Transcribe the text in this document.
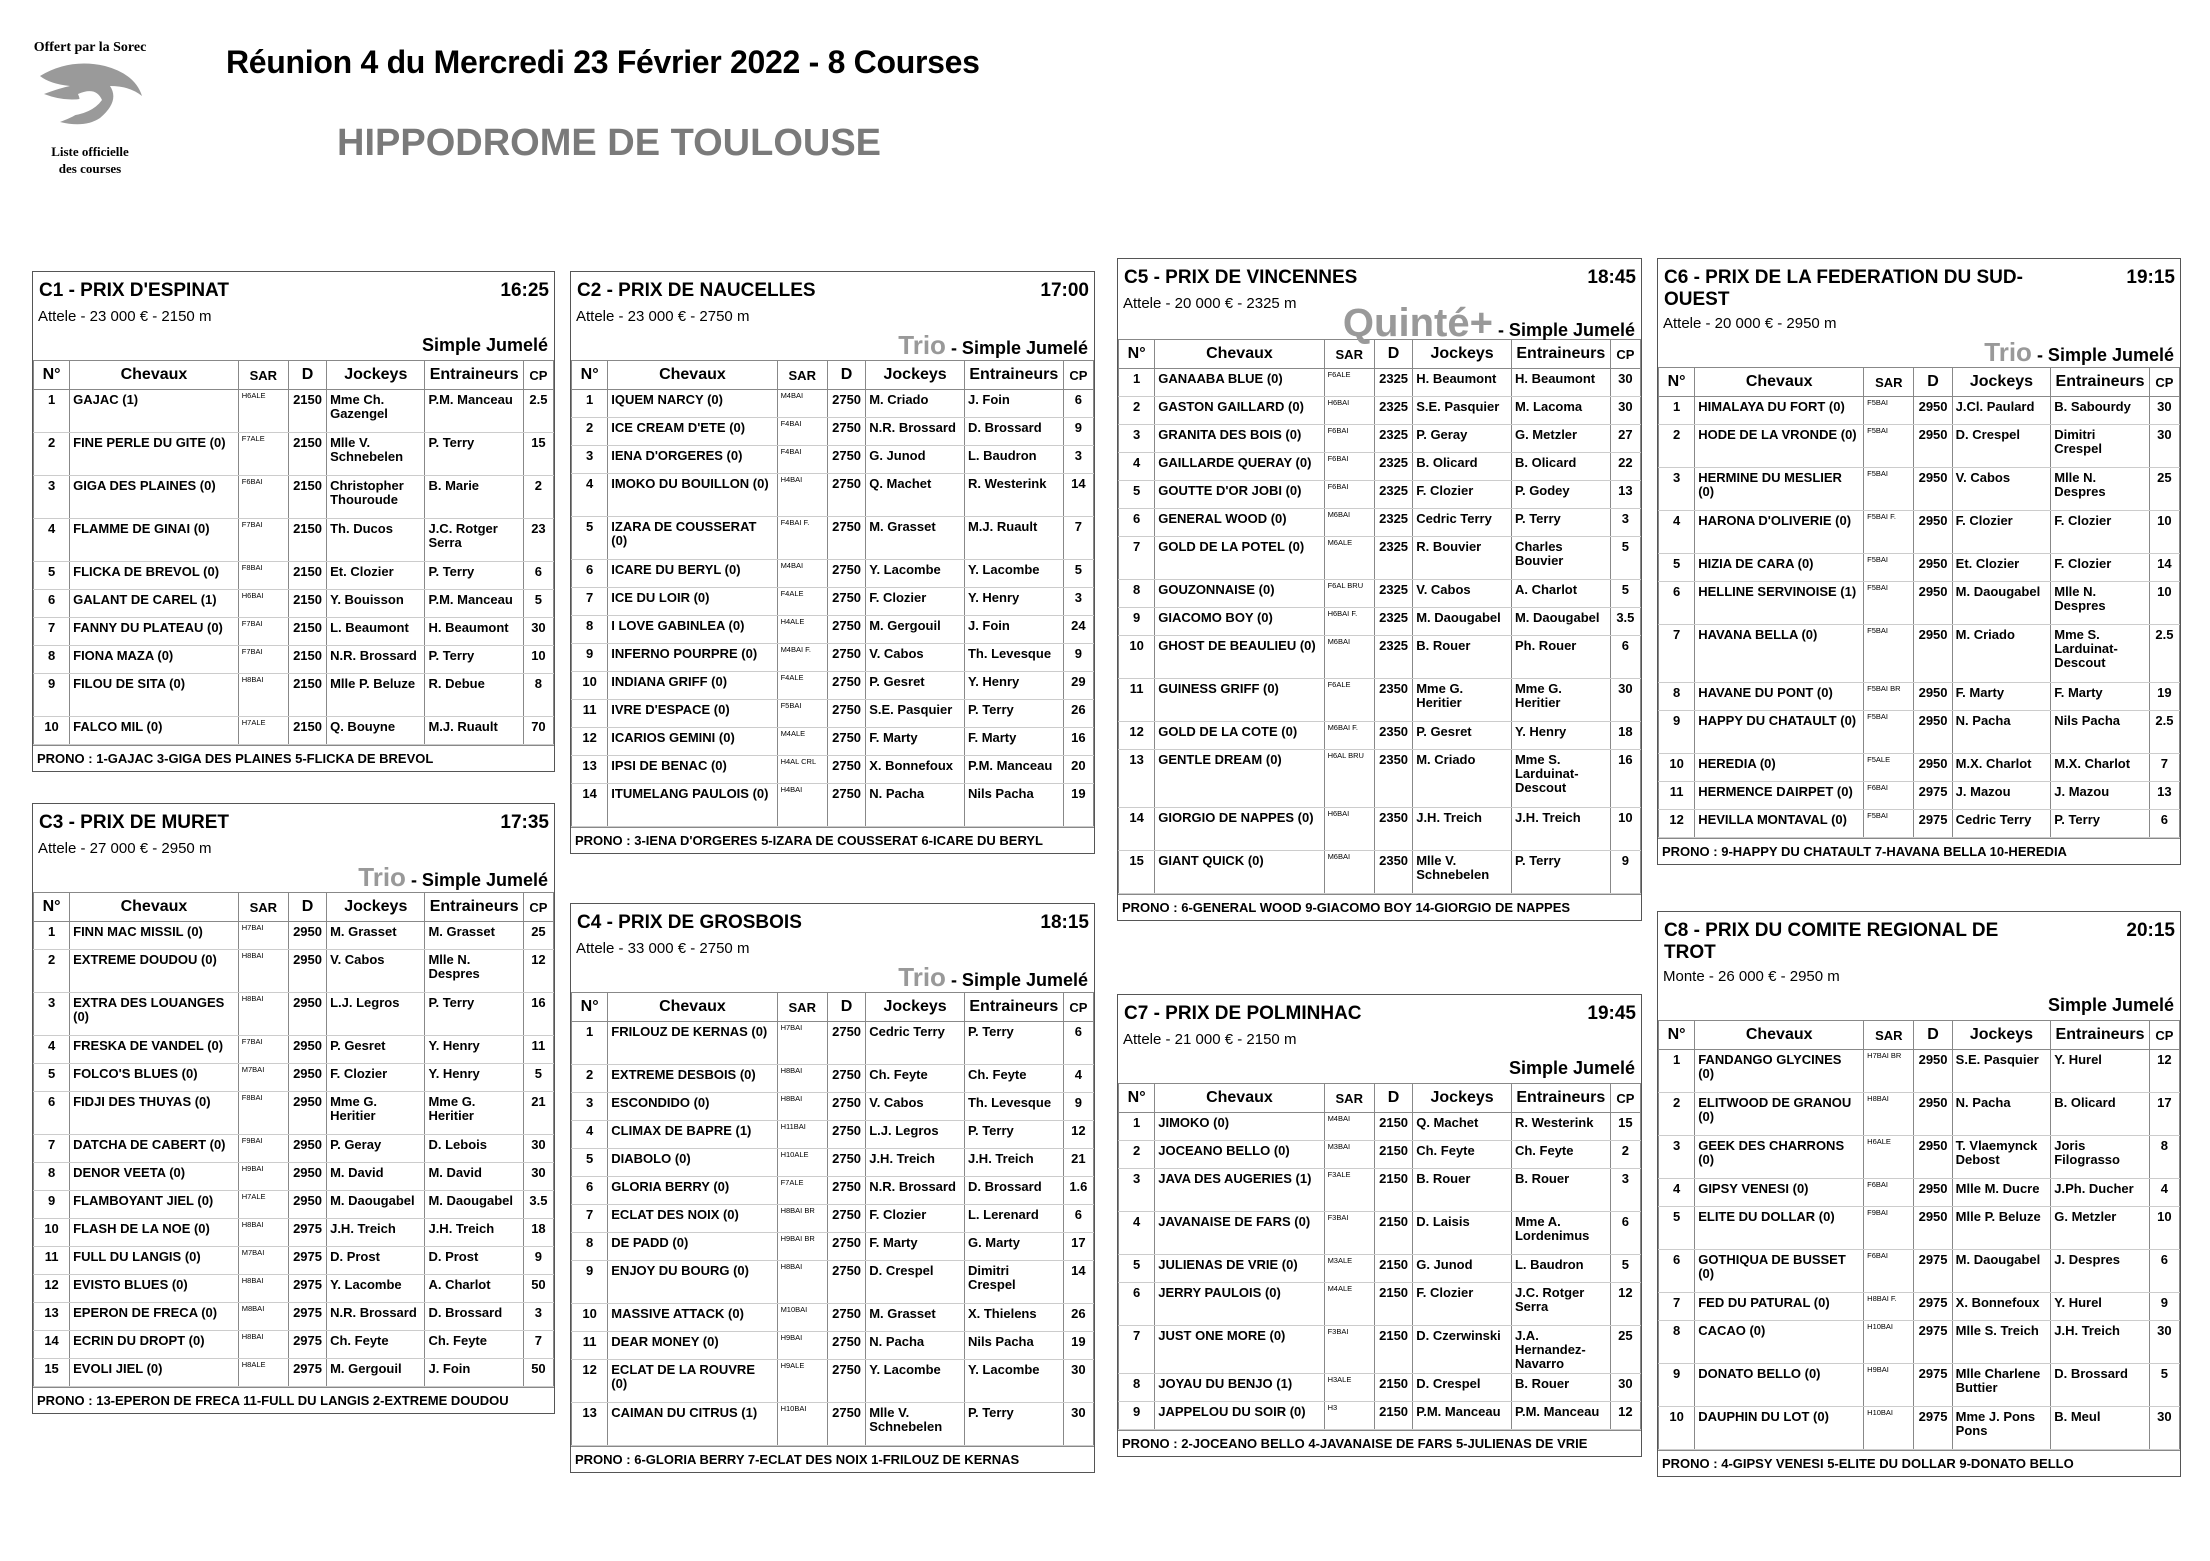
Offert par la Sorec
Liste officielle
des courses
Réunion 4 du Mercredi 23 Février 2022 - 8 Courses
HIPPODROME DE TOULOUSE
C1 - PRIX D'ESPINAT	16:25
Attele - 23 000 € - 2150 m
Simple Jumelé
N°	Chevaux	SAR	D	Jockeys	Entraineurs	CP
1	GAJAC (1)	H6ALE	2150	Mme Ch. Gazengel	P.M. Manceau	2.5
2	FINE PERLE DU GITE (0)	F7ALE	2150	Mlle V. Schnebelen	P. Terry	15
3	GIGA DES PLAINES (0)	F6BAI	2150	Christopher Thouroude	B. Marie	2
4	FLAMME DE GINAI (0)	F7BAI	2150	Th. Ducos	J.C. Rotger Serra	23
5	FLICKA DE BREVOL (0)	F8BAI	2150	Et. Clozier	P. Terry	6
6	GALANT DE CAREL (1)	H6BAI	2150	Y. Bouisson	P.M. Manceau	5
7	FANNY DU PLATEAU (0)	F7BAI	2150	L. Beaumont	H. Beaumont	30
8	FIONA MAZA (0)	F7BAI	2150	N.R. Brossard	P. Terry	10
9	FILOU DE SITA (0)	H8BAI	2150	Mlle P. Beluze	R. Debue	8
10	FALCO MIL (0)	H7ALE	2150	Q. Bouyne	M.J. Ruault	70
PRONO : 1-GAJAC 3-GIGA DES PLAINES 5-FLICKA DE BREVOL
C2 - PRIX DE NAUCELLES	17:00
Attele - 23 000 € - 2750 m
Trio - Simple Jumelé
N°	Chevaux	SAR	D	Jockeys	Entraineurs	CP
1	IQUEM NARCY (0)	M4BAI	2750	M. Criado	J. Foin	6
2	ICE CREAM D'ETE (0)	F4BAI	2750	N.R. Brossard	D. Brossard	9
3	IENA D'ORGERES (0)	F4BAI	2750	G. Junod	L. Baudron	3
4	IMOKO DU BOUILLON (0)	H4BAI	2750	Q. Machet	R. Westerink	14
5	IZARA DE COUSSERAT (0)	F4BAI F.	2750	M. Grasset	M.J. Ruault	7
6	ICARE DU BERYL (0)	M4BAI	2750	Y. Lacombe	Y. Lacombe	5
7	ICE DU LOIR (0)	F4ALE	2750	F. Clozier	Y. Henry	3
8	I LOVE GABINLEA (0)	H4ALE	2750	M. Gergouil	J. Foin	24
9	INFERNO POURPRE (0)	M4BAI F.	2750	V. Cabos	Th. Levesque	9
10	INDIANA GRIFF (0)	F4ALE	2750	P. Gesret	Y. Henry	29
11	IVRE D'ESPACE (0)	F5BAI	2750	S.E. Pasquier	P. Terry	26
12	ICARIOS GEMINI (0)	M4ALE	2750	F. Marty	F. Marty	16
13	IPSI DE BENAC (0)	H4AL CRL	2750	X. Bonnefoux	P.M. Manceau	20
14	ITUMELANG PAULOIS (0)	H4BAI	2750	N. Pacha	Nils Pacha	19
PRONO : 3-IENA D'ORGERES 5-IZARA DE COUSSERAT 6-ICARE DU BERYL
C3 - PRIX DE MURET	17:35
Attele - 27 000 € - 2950 m
Trio - Simple Jumelé
N°	Chevaux	SAR	D	Jockeys	Entraineurs	CP
1	FINN MAC MISSIL (0)	H7BAI	2950	M. Grasset	M. Grasset	25
2	EXTREME DOUDOU (0)	H8BAI	2950	V. Cabos	Mlle N. Despres	12
3	EXTRA DES LOUANGES (0)	H8BAI	2950	L.J. Legros	P. Terry	16
4	FRESKA DE VANDEL (0)	F7BAI	2950	P. Gesret	Y. Henry	11
5	FOLCO'S BLUES (0)	M7BAI	2950	F. Clozier	Y. Henry	5
6	FIDJI DES THUYAS (0)	F8BAI	2950	Mme G. Heritier	Mme G. Heritier	21
7	DATCHA DE CABERT (0)	F9BAI	2950	P. Geray	D. Lebois	30
8	DENOR VEETA (0)	H9BAI	2950	M. David	M. David	30
9	FLAMBOYANT JIEL (0)	H7ALE	2950	M. Daougabel	M. Daougabel	3.5
10	FLASH DE LA NOE (0)	H8BAI	2975	J.H. Treich	J.H. Treich	18
11	FULL DU LANGIS (0)	M7BAI	2975	D. Prost	D. Prost	9
12	EVISTO BLUES (0)	H8BAI	2975	Y. Lacombe	A. Charlot	50
13	EPERON DE FRECA (0)	M8BAI	2975	N.R. Brossard	D. Brossard	3
14	ECRIN DU DROPT (0)	H8BAI	2975	Ch. Feyte	Ch. Feyte	7
15	EVOLI JIEL (0)	H8ALE	2975	M. Gergouil	J. Foin	50
PRONO : 13-EPERON DE FRECA 11-FULL DU LANGIS 2-EXTREME DOUDOU
C4 - PRIX DE GROSBOIS	18:15
Attele - 33 000 € - 2750 m
Trio - Simple Jumelé
N°	Chevaux	SAR	D	Jockeys	Entraineurs	CP
1	FRILOUZ DE KERNAS (0)	H7BAI	2750	Cedric Terry	P. Terry	6
2	EXTREME DESBOIS (0)	H8BAI	2750	Ch. Feyte	Ch. Feyte	4
3	ESCONDIDO (0)	H8BAI	2750	V. Cabos	Th. Levesque	9
4	CLIMAX DE BAPRE (1)	H11BAI	2750	L.J. Legros	P. Terry	12
5	DIABOLO (0)	H10ALE	2750	J.H. Treich	J.H. Treich	21
6	GLORIA BERRY (0)	F7ALE	2750	N.R. Brossard	D. Brossard	1.6
7	ECLAT DES NOIX (0)	H8BAI BR	2750	F. Clozier	L. Lerenard	6
8	DE PADD (0)	H9BAI BR	2750	F. Marty	G. Marty	17
9	ENJOY DU BOURG (0)	H8BAI	2750	D. Crespel	Dimitri Crespel	14
10	MASSIVE ATTACK (0)	M10BAI	2750	M. Grasset	X. Thielens	26
11	DEAR MONEY (0)	H9BAI	2750	N. Pacha	Nils Pacha	19
12	ECLAT DE LA ROUVRE (0)	H9ALE	2750	Y. Lacombe	Y. Lacombe	30
13	CAIMAN DU CITRUS (1)	H10BAI	2750	Mlle V. Schnebelen	P. Terry	30
PRONO : 6-GLORIA BERRY 7-ECLAT DES NOIX 1-FRILOUZ DE KERNAS
C5 - PRIX DE VINCENNES	18:45
Attele - 20 000 € - 2325 m	Quinté+ - Simple Jumelé
N°	Chevaux	SAR	D	Jockeys	Entraineurs	CP
1	GANAABA BLUE (0)	F6ALE	2325	H. Beaumont	H. Beaumont	30
2	GASTON GAILLARD (0)	H6BAI	2325	S.E. Pasquier	M. Lacoma	30
3	GRANITA DES BOIS (0)	F6BAI	2325	P. Geray	G. Metzler	27
4	GAILLARDE QUERAY (0)	F6BAI	2325	B. Olicard	B. Olicard	22
5	GOUTTE D'OR JOBI (0)	F6BAI	2325	F. Clozier	P. Godey	13
6	GENERAL WOOD (0)	M6BAI	2325	Cedric Terry	P. Terry	3
7	GOLD DE LA POTEL (0)	M6ALE	2325	R. Bouvier	Charles Bouvier	5
8	GOUZONNAISE (0)	F6AL BRU	2325	V. Cabos	A. Charlot	5
9	GIACOMO BOY (0)	H6BAI F.	2325	M. Daougabel	M. Daougabel	3.5
10	GHOST DE BEAULIEU (0)	M6BAI	2325	B. Rouer	Ph. Rouer	6
11	GUINESS GRIFF (0)	F6ALE	2350	Mme G. Heritier	Mme G. Heritier	30
12	GOLD DE LA COTE (0)	M6BAI F.	2350	P. Gesret	Y. Henry	18
13	GENTLE DREAM (0)	H6AL BRU	2350	M. Criado	Mme S. Larduinat-Descout	16
14	GIORGIO DE NAPPES (0)	H6BAI	2350	J.H. Treich	J.H. Treich	10
15	GIANT QUICK (0)	M6BAI	2350	Mlle V. Schnebelen	P. Terry	9
PRONO : 6-GENERAL WOOD 9-GIACOMO BOY 14-GIORGIO DE NAPPES
C6 - PRIX DE LA FEDERATION DU SUD-OUEST
19:15
Attele - 20 000 € - 2950 m
Trio - Simple Jumelé
N°	Chevaux	SAR	D	Jockeys	Entraineurs	CP
1	HIMALAYA DU FORT (0)	F5BAI	2950	J.Cl. Paulard	B. Sabourdy	30
2	HODE DE LA VRONDE (0)	F5BAI	2950	D. Crespel	Dimitri Crespel	30
3	HERMINE DU MESLIER (0)	F5BAI	2950	V. Cabos	Mlle N. Despres	25
4	HARONA D'OLIVERIE (0)	F5BAI F.	2950	F. Clozier	F. Clozier	10
5	HIZIA DE CARA (0)	F5BAI	2950	Et. Clozier	F. Clozier	14
6	HELLINE SERVINOISE (1)	F5BAI	2950	M. Daougabel	Mlle N. Despres	10
7	HAVANA BELLA (0)	F5BAI	2950	M. Criado	Mme S. Larduinat-Descout	2.5
8	HAVANE DU PONT (0)	F5BAI BR	2950	F. Marty	F. Marty	19
9	HAPPY DU CHATAULT (0)	F5BAI	2950	N. Pacha	Nils Pacha	2.5
10	HEREDIA (0)	F5ALE	2950	M.X. Charlot	M.X. Charlot	7
11	HERMENCE DAIRPET (0)	F6BAI	2975	J. Mazou	J. Mazou	13
12	HEVILLA MONTAVAL (0)	F5BAI	2975	Cedric Terry	P. Terry	6
PRONO : 9-HAPPY DU CHATAULT 7-HAVANA BELLA 10-HEREDIA
C7 - PRIX DE POLMINHAC	19:45
Attele - 21 000 € - 2150 m
Simple Jumelé
N°	Chevaux	SAR	D	Jockeys	Entraineurs	CP
1	JIMOKO (0)	M4BAI	2150	Q. Machet	R. Westerink	15
2	JOCEANO BELLO (0)	M3BAI	2150	Ch. Feyte	Ch. Feyte	2
3	JAVA DES AUGERIES (1)	F3ALE	2150	B. Rouer	B. Rouer	3
4	JAVANAISE DE FARS (0)	F3BAI	2150	D. Laisis	Mme A. Lordenimus	6
5	JULIENAS DE VRIE (0)	M3ALE	2150	G. Junod	L. Baudron	5
6	JERRY PAULOIS (0)	M4ALE	2150	F. Clozier	J.C. Rotger Serra	12
7	JUST ONE MORE (0)	F3BAI	2150	D. Czerwinski	J.A. Hernandez-Navarro	25
8	JOYAU DU BENJO (1)	H3ALE	2150	D. Crespel	B. Rouer	30
9	JAPPELOU DU SOIR (0)	H3	2150	P.M. Manceau	P.M. Manceau	12
PRONO : 2-JOCEANO BELLO 4-JAVANAISE DE FARS 5-JULIENAS DE VRIE
C8 - PRIX DU COMITE REGIONAL DE TROT
20:15
Monte - 26 000 € - 2950 m
Simple Jumelé
N°	Chevaux	SAR	D	Jockeys	Entraineurs	CP
1	FANDANGO GLYCINES (0)	H7BAI BR	2950	S.E. Pasquier	Y. Hurel	12
2	ELITWOOD DE GRANOU (0)	H8BAI	2950	N. Pacha	B. Olicard	17
3	GEEK DES CHARRONS (0)	H6ALE	2950	T. Vlaemynck Debost	Joris Filograsso	8
4	GIPSY VENESI (0)	F6BAI	2950	Mlle M. Ducre	J.Ph. Ducher	4
5	ELITE DU DOLLAR (0)	F9BAI	2950	Mlle P. Beluze	G. Metzler	10
6	GOTHIQUA DE BUSSET (0)	F6BAI	2975	M. Daougabel	J. Despres	6
7	FED DU PATURAL (0)	H8BAI F.	2975	X. Bonnefoux	Y. Hurel	9
8	CACAO (0)	H10BAI	2975	Mlle S. Treich	J.H. Treich	30
9	DONATO BELLO (0)	H9BAI	2975	Mlle Charlene Buttier	D. Brossard	5
10	DAUPHIN DU LOT (0)	H10BAI	2975	Mme J. Pons Pons	B. Meul	30
PRONO : 4-GIPSY VENESI 5-ELITE DU DOLLAR 9-DONATO BELLO
